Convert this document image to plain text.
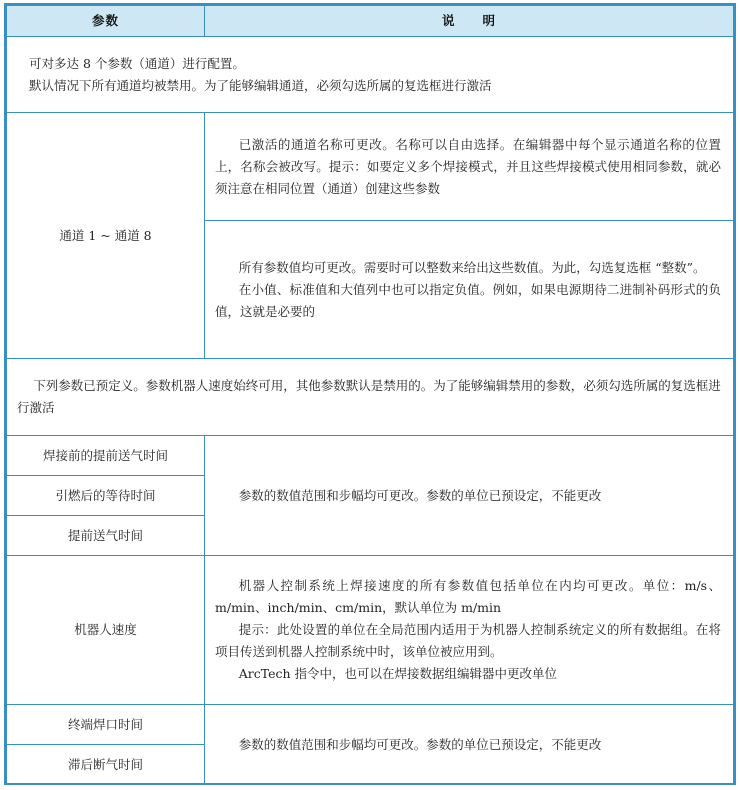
参数	说　　明

可对多达 8 个参数（通道）进行配置。
默认情况下所有通道均被禁用。为了能够编辑通道，必须勾选所属的复选框进行激活	

通道 1 ~ 通道 8	已激活的通道名称可更改。名称可以自由选择。在编辑器中每个显示通道名称的位置上，名称会被改写。提示：如要定义多个焊接模式，并且这些焊接模式使用相同参数，就必须注意在相同位置（通道）创建这些参数

	所有参数值均可更改。需要时可以整数来给出这些数值。为此，勾选复选框 “整数”。
在小值、标准值和大值列中也可以指定负值。例如，如果电源期待二进制补码形式的负值，这就是必要的

下列参数已预定义。参数机器人速度始终可用，其他参数默认是禁用的。为了能够编辑禁用的参数，必须勾选所属的复选框进行激活	

焊接前的提前送气时间	参数的数值范围和步幅均可更改。参数的单位已预设定，不能更改

引燃后的等待时间	
提前送气时间	
机器人速度	机器人控制系统上焊接速度的所有参数值包括单位在内均可更改。单位：m/s、m/min、inch/min、cm/min，默认单位为 m/min
提示：此处设置的单位在全局范围内适用于为机器人控制系统定义的所有数据组。在将项目传送到机器人控制系统中时，该单位被应用到。
ArcTech 指令中，也可以在焊接数据组编辑器中更改单位

终端焊口时间	参数的数值范围和步幅均可更改。参数的单位已预设定，不能更改

滞后断气时间	
